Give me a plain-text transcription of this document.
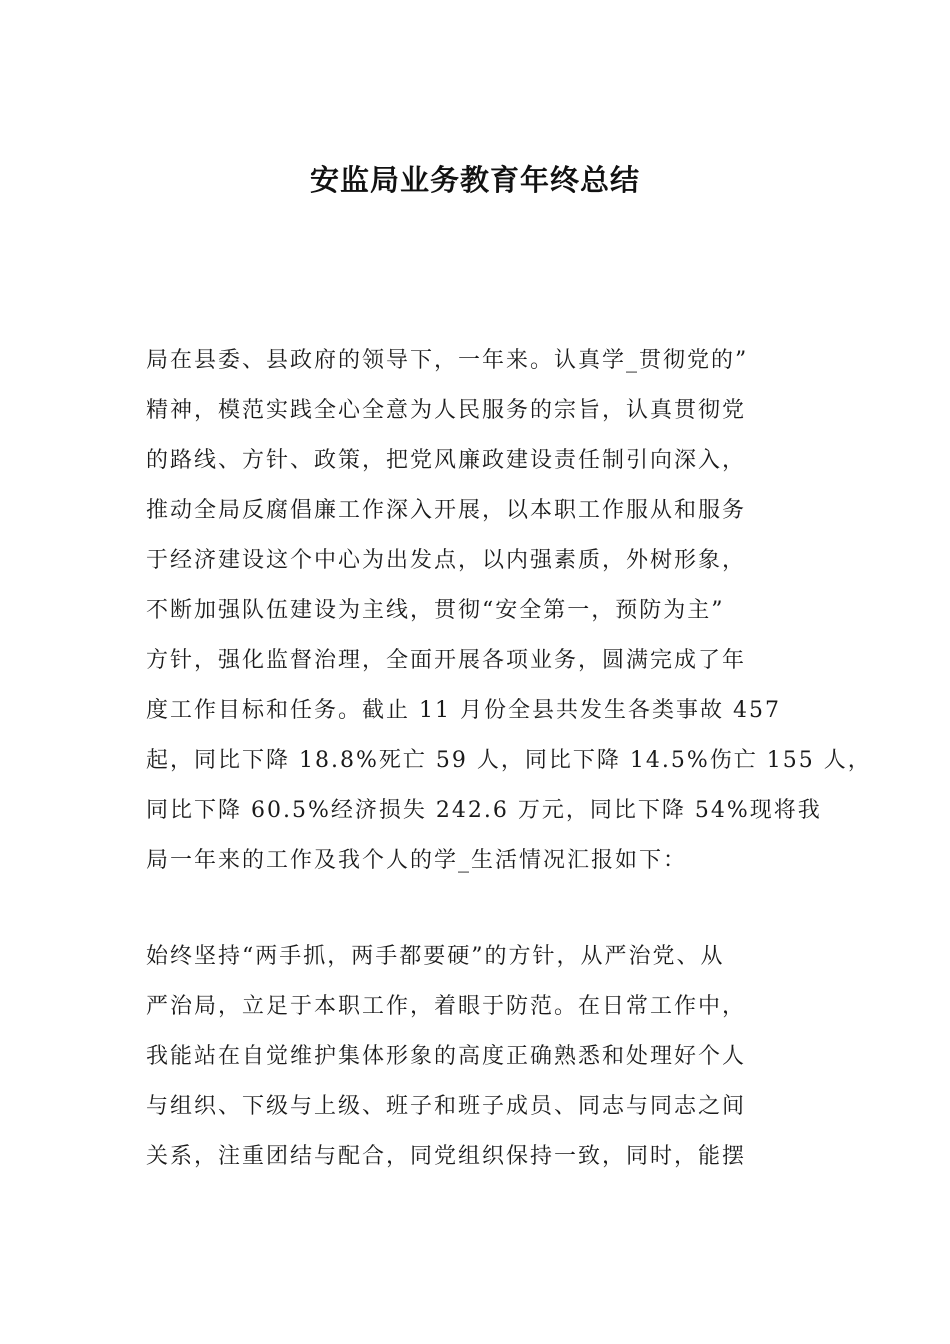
安监局业务教育年终总结
局在县委、县政府的领导下，一年来。认真学_贯彻党的”
精神，模范实践全心全意为人民服务的宗旨，认真贯彻党
的路线、方针、政策，把党风廉政建设责任制引向深入，
推动全局反腐倡廉工作深入开展，以本职工作服从和服务
于经济建设这个中心为出发点，以内强素质，外树形象，
不断加强队伍建设为主线，贯彻“安全第一，预防为主”
方针，强化监督治理，全面开展各项业务，圆满完成了年
度工作目标和任务。截止 11 月份全县共发生各类事故 457
起，同比下降 18.8%死亡 59 人，同比下降 14.5%伤亡 155 人，
同比下降 60.5%经济损失 242.6 万元，同比下降 54%现将我
局一年来的工作及我个人的学_生活情况汇报如下：
始终坚持“两手抓，两手都要硬”的方针，从严治党、从
严治局，立足于本职工作，着眼于防范。在日常工作中，
我能站在自觉维护集体形象的高度正确熟悉和处理好个人
与组织、下级与上级、班子和班子成员、同志与同志之间
关系，注重团结与配合，同党组织保持一致，同时，能摆
